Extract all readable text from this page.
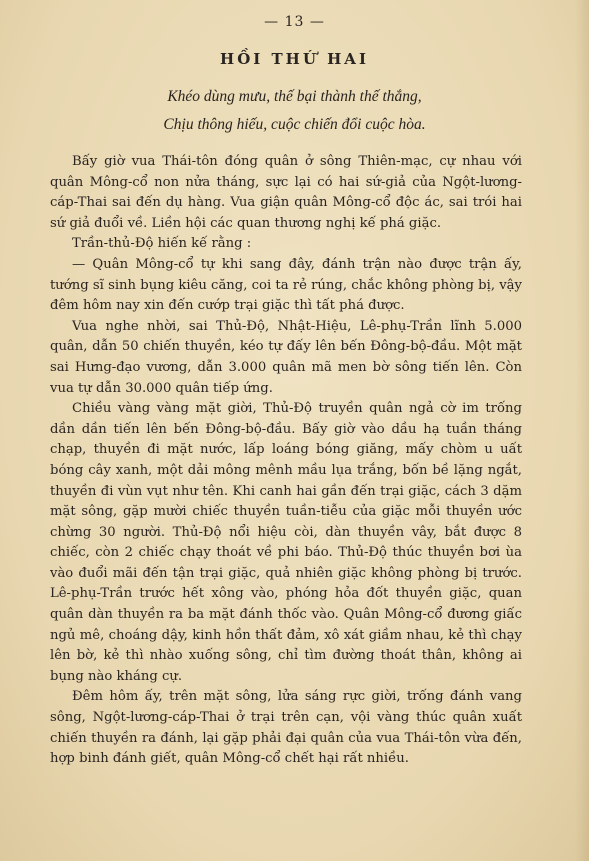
— 13 —
HỒI THỨ HAI
Khéo dùng mưu, thế bại thành thế thắng,
Chịu thông hiếu, cuộc chiến đổi cuộc hòa.

Bấy giờ vua Thái-tôn đóng quân ở sông Thiên-mạc, cự nhau với quân Mông-cổ non nửa tháng, sực lại có hai sứ-giả của Ngột-lương-cáp-Thai sai đến dụ hàng. Vua giận quân Mông-cổ độc ác, sai trói hai sứ giả đuổi về. Liền hội các quan thương nghị kế phá giặc.

Trần-thủ-Độ hiến kế rằng :

— Quân Mông-cổ tự khi sang đây, đánh trận nào được trận ấy, tướng sĩ sinh bụng kiêu căng, coi ta rẻ rúng, chắc không phòng bị, vậy đêm hôm nay xin đến cướp trại giặc thì tất phá được.

Vua nghe nhời, sai Thủ-Độ, Nhật-Hiệu, Lê-phụ-Trần lĩnh 5.000 quân, dẫn 50 chiến thuyền, kéo tự đấy lên bến Đông-bộ-đầu. Một mặt sai Hưng-đạo vương, dẫn 3.000 quân mã men bờ sông tiến lên. Còn vua tự dẫn 30.000 quân tiếp ứng.

Chiều vàng vàng mặt giời, Thủ-Độ truyền quân ngả cờ im trống dần dần tiến lên bến Đông-bộ-đầu. Bấy giờ vào dầu hạ tuần tháng chạp, thuyền đi mặt nước, lấp loáng bóng giăng, mấy chòm u uất bóng cây xanh, một dải mông mênh mầu lụa trắng, bốn bề lặng ngắt, thuyền đi vùn vụt như tên. Khi canh hai gần đến trại giặc, cách 3 dặm mặt sông, gặp mười chiếc thuyền tuần-tiễu của giặc mỗi thuyền ước chừng 30 người. Thủ-Độ nổi hiệu còi, dàn thuyền vây, bắt được 8 chiếc, còn 2 chiếc chạy thoát về phi báo. Thủ-Độ thúc thuyền bơi ùa vào đuổi mãi đến tận trại giặc, quả nhiên giặc không phòng bị trước. Lê-phụ-Trần trước hết xông vào, phóng hỏa đốt thuyền giặc, quan quân dàn thuyền ra ba mặt đánh thốc vào. Quân Mông-cổ đương giấc ngủ mê, choáng dậy, kinh hồn thất đảm, xô xát giầm nhau, kẻ thì chạy lên bờ, kẻ thì nhào xuống sông, chỉ tìm đường thoát thân, không ai bụng nào kháng cự.

Đêm hôm ấy, trên mặt sông, lửa sáng rực giời, trống đánh vang sông, Ngột-lương-cáp-Thai ở trại trên cạn, vội vàng thúc quân xuất chiến thuyền ra đánh, lại gặp phải đại quân của vua Thái-tôn vừa đến, hợp binh đánh giết, quân Mông-cổ chết hại rất nhiều.
